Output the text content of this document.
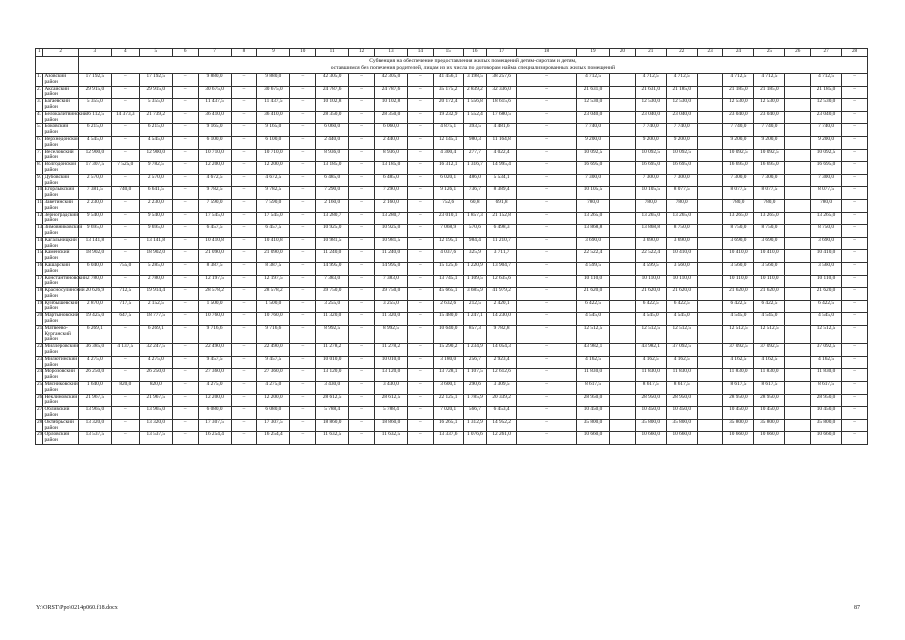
1	2	3	4	5	6	7	8	9	10	11	12	13	14	15	16	17	18	19	20	21	22	23	24	25	26	27	28

		Субвенция на обеспечение предоставления жилых помещений детям-сиротам и детям,
оставшимся без попечения родителей, лицам из их числа по договорам найма специализированных жилых помещений																									

1.	Азовский район	17 192,5	–	17 192,5	–	9 880,0	–	9 880,0	–	42 305,0	–	42 305,0	–	41 456,1	3 198,5	38 257,6	–	4 712,5		4 712,5	4 712,5		4 712,5	4 712,5		4 712,5	–
2.	Аксайский район	29 915,0	–	29 915,0	–	30 675,0	–	30 675,0	–	24 787,6	–	24 787,6	–	35 175,2	2 839,2	32 336,0	–	21 631,0		21 631,0	21 185,0		21 185,0	21 185,0		21 185,0	–
3.	Багаевский район	5 355,0	–	5 355,0	–	11 437,5	–	11 437,5	–	10 102,8	–	10 102,8	–	20 172,4	1 556,8	18 615,6	–	12 530,0		12 530,0	12 530,0		12 530,0	12 530,0		12 530,0	–
4.	Белокалитвинский район	36 112,5	14 373,3	21 739,2	–	36 410,0	–	36 410,0	–	28 350,0	–	28 350,0	–	19 232,9	1 552,4	17 680,5	–	23 040,0		23 040,0	23 040,0		23 040,0	23 040,0		23 040,0	–
5.	Боковский район	6 215,0	–	6 215,0	–	9 165,0	–	9 165,0	–	6 060,0	–	6 060,0	–	4 875,1	393,5	4 481,6	–	7 740,0		7 740,0	7 740,0		7 740,0	7 740,0		7 740,0	–
6.	Верхнедонской район	4 545,0	–	4 545,0	–	6 100,0	–	6 100,0	–	2 440,0	–	2 440,0	–	12 145,1	980,3	11 164,8	–	9 200,0		9 200,0	9 200,0		9 200,0	9 200,0		9 200,0	–
7.	Веселовский район	12 900,0	–	12 900,0	–	10 710,0	–	10 710,0	–	8 936,0	–	8 936,0	–	4 300,4	277,7	4 022,4	–	10 092,5		10 092,5	10 092,5		10 092,5	10 092,5		10 092,5	–
8.	Волгодонской район	17 307,5	7 525,0	9 782,5	–	12 200,0	–	12 200,0	–	13 185,0	–	13 185,0	–	16 312,1	1 316,7	14 995,4	–	16 695,0		16 695,0	16 695,0		16 695,0	16 695,0		16 695,0	–
9.	Дубовский район	2 570,0	–	2 570,0	–	4 672,5	–	4 672,5	–	6 485,0	–	6 485,0	–	6 020,1	486,0	5 534,1	–	7 300,0		7 300,0	7 300,0		7 300,0	7 300,0		7 300,0	–
10.	Егорлыкский район	7 381,5	740,0	6 641,5	–	9 782,5	–	9 782,5	–	7 290,0	–	7 290,0	–	9 126,1	736,7	8 389,4	–	10 105,5		10 105,5	8 077,5		8 077,5	8 077,5		8 077,5	–
11.	Заветинский район	2 230,0	–	2 230,0	–	7 590,0	–	7 590,0	–	2 160,0	–	2 160,0	–	752,6	60,8	691,8	–	780,0		780,0	780,0		780,0	780,0		780,0	–
12.	Зерноградский район	9 540,0	–	9 540,0	–	17 545,0	–	17 545,0	–	13 280,7	–	13 280,7	–	23 010,1	1 857,3	21 152,8	–	13 265,0		13 265,0	13 265,0		13 265,0	13 265,0		13 265,0	–
13.	Зимовниковский район	9 695,0	–	9 695,0	–	6 457,5	–	6 457,5	–	10 925,0	–	10 925,0	–	7 068,9	570,6	6 498,3	–	13 868,8		13 868,8	8 750,0		8 750,0	8 750,0		8 750,0	–
14.	Кагальницкий район	13 141,8	–	13 141,8	–	10 410,8	–	10 410,8	–	10 981,5	–	10 981,5	–	12 195,1	984,4	11 210,7	–	3 690,0		3 690,0	3 690,0		3 690,0	3 690,0		3 690,0	–
15.	Каменский район	18 902,0	–	18 902,0	–	21 090,0	–	21 090,0	–	11 240,0	–	11 240,0	–	4 037,6	325,9	3 711,7	–	22 522,4		22 522,4	10 410,0		10 410,0	10 410,0		10 410,0	–
16.	Кашарский район	6 040,0	755,0	5 285,0	–	8 387,5	–	8 387,5	–	14 995,0	–	14 995,0	–	15 125,6	1 220,9	13 904,7	–	4 599,5		4 599,5	3 560,0		3 560,0	3 560,0		3 560,0	–
17.	Константиновский район	2 780,0	–	2 780,0	–	12 197,5	–	12 197,5	–	7 383,0	–	7 383,0	–	13 745,1	1 109,5	12 635,6	–	10 110,0		10 110,0	10 110,0		10 110,0	10 110,0		10 110,0	–
18.	Красносулинский район	20 626,9	712,5	19 914,4	–	28 578,2	–	28 578,2	–	39 750,0	–	39 750,0	–	45 665,1	3 685,9	41 979,2	–	21 620,0		21 620,0	21 620,0		21 620,0	21 620,0		21 620,0	–
19.	Куйбышевский район	2 870,0	717,5	2 152,5	–	1 500,0	–	1 500,0	–	3 255,0	–	3 255,0	–	2 632,6	212,5	2 420,1	–	6 422,5		6 422,5	6 422,5		6 422,5	6 422,5		6 422,5	–
20.	Мартыновский район	19 425,0	647,5	18 777,5	–	10 760,0	–	10 760,0	–	11 320,0	–	11 320,0	–	15 480,0	1 247,1	14 230,0	–	4 545,0		4 545,0	4 545,0		4 545,0	4 545,0		4 545,0	–
21.	Матвеево-Курганский район	6 269,1	–	6 269,1	–	9 716,6	–	9 716,6	–	8 992,5	–	8 992,5	–	10 640,0	857,3	9 782,8	–	12 512,5		12 512,5	12 512,5		12 512,5	12 512,5		12 512,5	–
22.	Миллеровский район	36 385,0	4 137,5	32 247,5	–	22 490,0	–	22 490,0	–	11 278,2	–	11 278,2	–	15 290,2	1 234,9	14 054,3	–	43 982,1		43 982,1	37 092,5		37 092,5	37 092,5		37 092,5	–
23.	Милютинский район	4 275,0	–	4 275,0	–	9 457,5	–	9 457,5	–	10 010,0	–	10 010,0	–	3 180,0	256,7	2 923,4	–	4 162,5		4 162,5	4 162,5		4 162,5	4 162,5		4 162,5	–
24.	Морозовский район	26 250,0	–	26 250,0	–	27 360,0	–	27 360,0	–	13 120,0	–	13 120,0	–	13 728,1	1 107,5	12 612,6	–	11 830,0		11 830,0	11 830,0		11 830,0	11 830,0		11 830,0	–
25.	Мясниковский район	1 640,0	820,0	820,0	–	4 275,0	–	4 275,0	–	3 430,0	–	3 430,0	–	3 600,1	290,6	3 309,5	–	8 617,5		8 617,5	8 617,5		8 617,5	8 617,5		8 617,5	–
26.	Неклиновский район	21 967,5	–	21 967,5	–	12 200,0	–	12 200,0	–	28 612,5	–	28 612,5	–	22 125,1	1 785,9	20 339,2	–	28 950,0		28 950,0	28 950,0		28 950,0	28 950,0		28 950,0	–
27.	Обливский район	13 965,0	–	13 965,0	–	6 080,0	–	6 080,0	–	5 788,4	–	5 788,4	–	7 020,1	566,7	6 453,4	–	10 450,0		10 450,0	10 450,0		10 450,0	10 450,0		10 450,0	–
28.	Октябрьский район	13 320,0	–	13 320,0	–	17 307,5	–	17 307,5	–	18 860,0	–	18 860,0	–	16 265,1	1 312,9	14 952,2	–	35 800,0		35 800,0	35 800,0		35 800,0	35 800,0		35 800,0	–
29.	Орловский район	13 537,5	–	13 537,5	–	16 254,4	–	16 254,4	–	11 632,5	–	11 632,5	–	13 337,6	1 076,6	12 261,0	–	10 660,0		10 660,0	10 660,0		10 660,0	10 660,0		10 660,0	–
Y:\ORST\Ppo\0214p060.f18.docx	87
